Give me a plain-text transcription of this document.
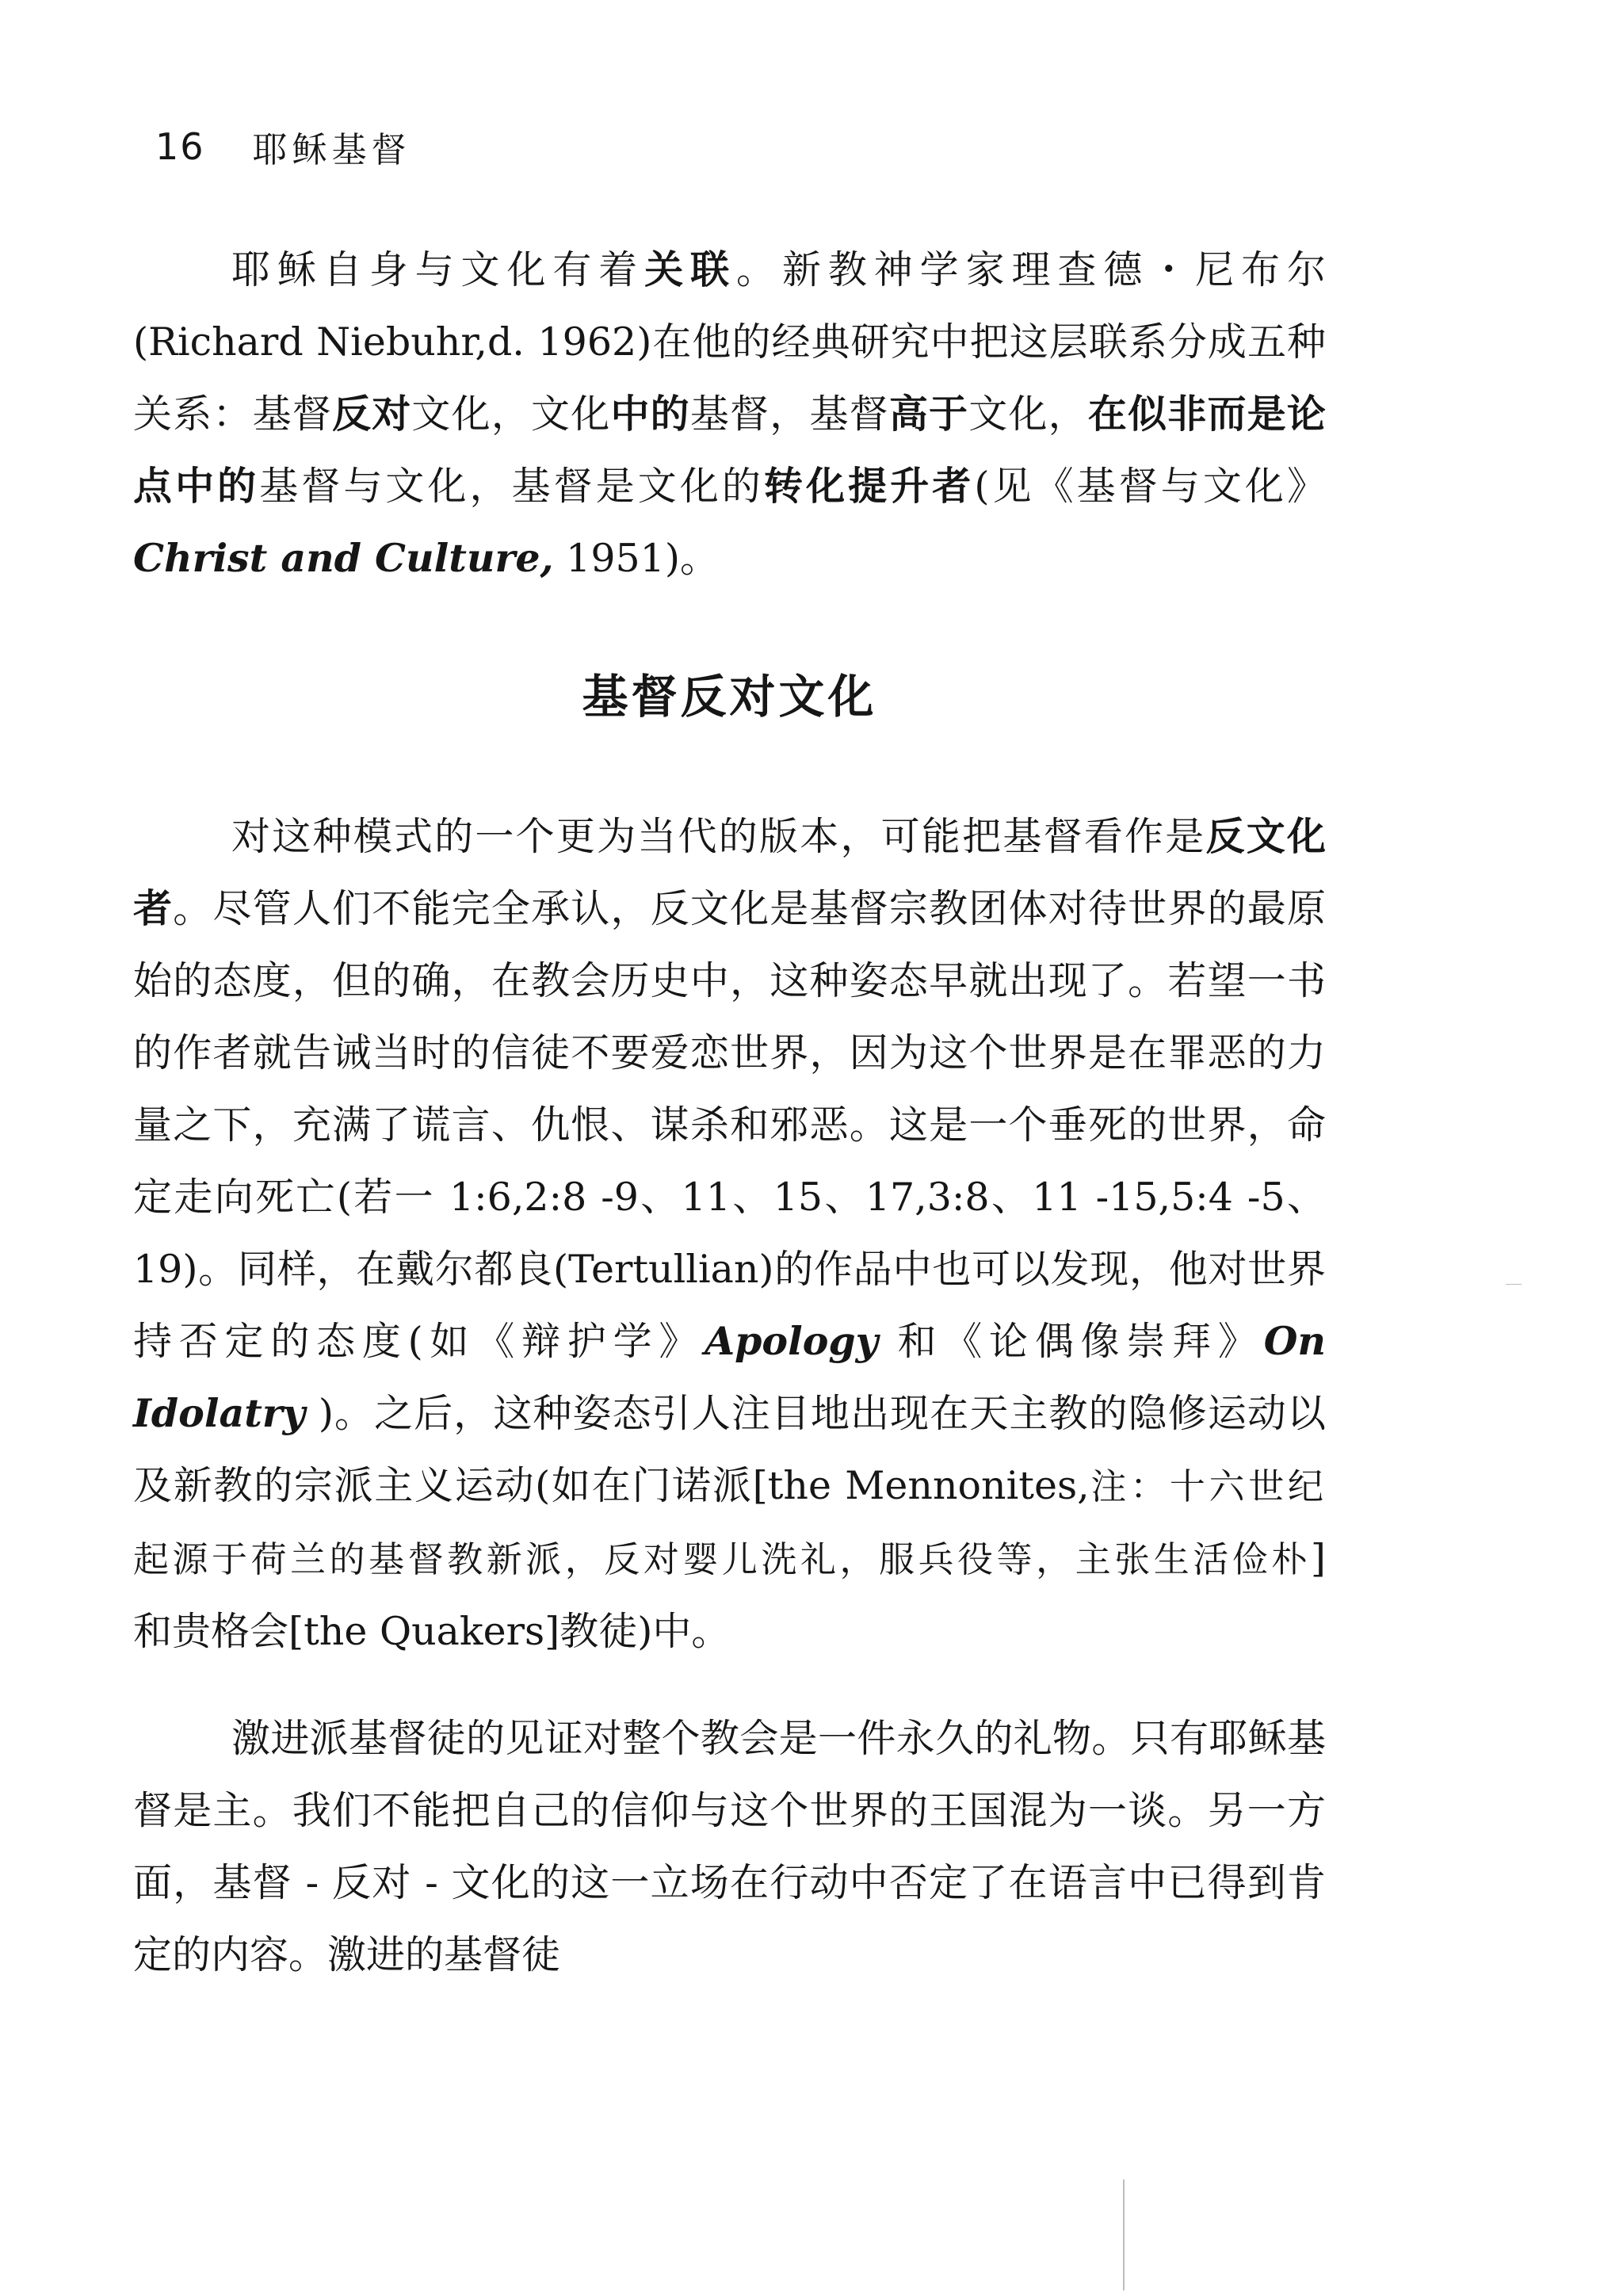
16 耶稣基督

耶稣自身与文化有着关联。新教神学家理查德・尼布尔(Richard Niebuhr,d. 1962)在他的经典研究中把这层联系分成五种关系：基督反对文化，文化中的基督，基督高于文化，在似非而是论点中的基督与文化，基督是文化的转化提升者(见《基督与文化》Christ and Culture, 1951)。

基督反对文化

对这种模式的一个更为当代的版本，可能把基督看作是反文化者。尽管人们不能完全承认，反文化是基督宗教团体对待世界的最原始的态度，但的确，在教会历史中，这种姿态早就出现了。若望一书的作者就告诫当时的信徒不要爱恋世界，因为这个世界是在罪恶的力量之下，充满了谎言、仇恨、谋杀和邪恶。这是一个垂死的世界，命定走向死亡(若一 1:6,2:8 -9、11、15、17,3:8、11 -15,5:4 -5、19)。同样，在戴尔都良(Tertullian)的作品中也可以发现，他对世界持否定的态度(如《辩护学》Apology 和《论偶像崇拜》On Idolatry )。之后，这种姿态引人注目地出现在天主教的隐修运动以及新教的宗派主义运动(如在门诺派[the Mennonites,注：十六世纪起源于荷兰的基督教新派，反对婴儿洗礼，服兵役等，主张生活俭朴]和贵格会[the Quakers]教徒)中。

激进派基督徒的见证对整个教会是一件永久的礼物。只有耶稣基督是主。我们不能把自己的信仰与这个世界的王国混为一谈。另一方面，基督 - 反对 - 文化的这一立场在行动中否定了在语言中已得到肯定的内容。激进的基督徒
